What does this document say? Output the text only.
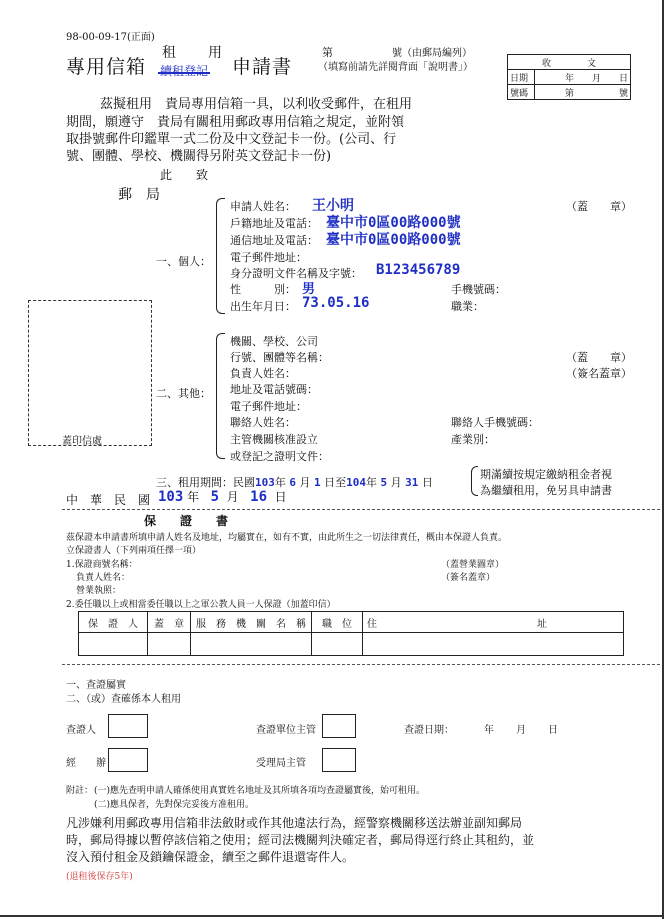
98-00-09-17(正面)
專用信箱
租 用
續租登記 申請書
第	號（由郵局編列）
（填寫前請先詳閱背面「說明書」）	收　　　　文	
日期	年　　月　　日
號碼	第　　　　　號
茲擬租用　貴局專用信箱一具，以利收受郵件，在租用
期間，願遵守　貴局有關租用郵政專用信箱之規定，並附領
取掛號郵件印鑑單一式二份及中文登記卡一份。(公司、行
號、團體、學校、機關得另附英文登記卡一份)
此　　致
郵　局
蓋印信處
一、個人：
申請人姓名： 王小明	（蓋　　章）
戶籍地址及電話： 臺中市0區00路000號
通信地址及電話： 臺中市0區00路000號
電子郵件地址：
身分證明文件名稱及字號： B123456789
性　　　別： 男	手機號碼：
出生年月日： 73.05.16	職業：
二、其他：
機關、學校、公司
行號、團體等名稱：	（蓋　　章）
負責人姓名：	（簽名蓋章）
地址及電話號碼：
電子郵件地址：
聯絡人姓名：	聯絡人手機號碼：
主管機關核准設立	產業別：
或登記之證明文件：
三、租用期間：民國103年 6 月 1 日至104年 5 月 31 日
期滿續按規定繳納租金者視
為繼續租用，免另具申請書
中　華　民　國 103 年 5 月 16 日
保　　證　　書
茲保證本申請書所填申請人姓名及地址，均屬實在，如有不實，由此所生之一切法律責任，概由本保證人負責。
立保證書人（下列兩項任擇一項）
1.保證商號名稱：	（蓋營業圖章）
負責人姓名：	（簽名蓋章）
營業執照：
2.委任職以上或相當委任職以上之軍公教人員一人保證（加蓋印信）
保　證　人	蓋　章	服　務　機　關　名　稱	職　位	住　　　　　　　　　　　　　　　　址

一、查證屬實
二、（或）查確係本人租用
查證人	查證單位主管	查證日期：	年 月 日
經　　辦	受理局主管
附註： (一)應先查明申請人確係使用真實姓名地址及其所填各項均查證屬實後，始可租用。
(二)應具保者，先對保完妥後方准租用。
凡涉嫌利用郵政專用信箱非法斂財或作其他違法行為，經警察機關移送法辦並副知郵局
時，郵局得據以暫停該信箱之使用；經司法機關判決確定者，郵局得逕行終止其租約，並
沒入預付租金及鎖鑰保證金，續至之郵件退還寄件人。
(退租後保存5年)
